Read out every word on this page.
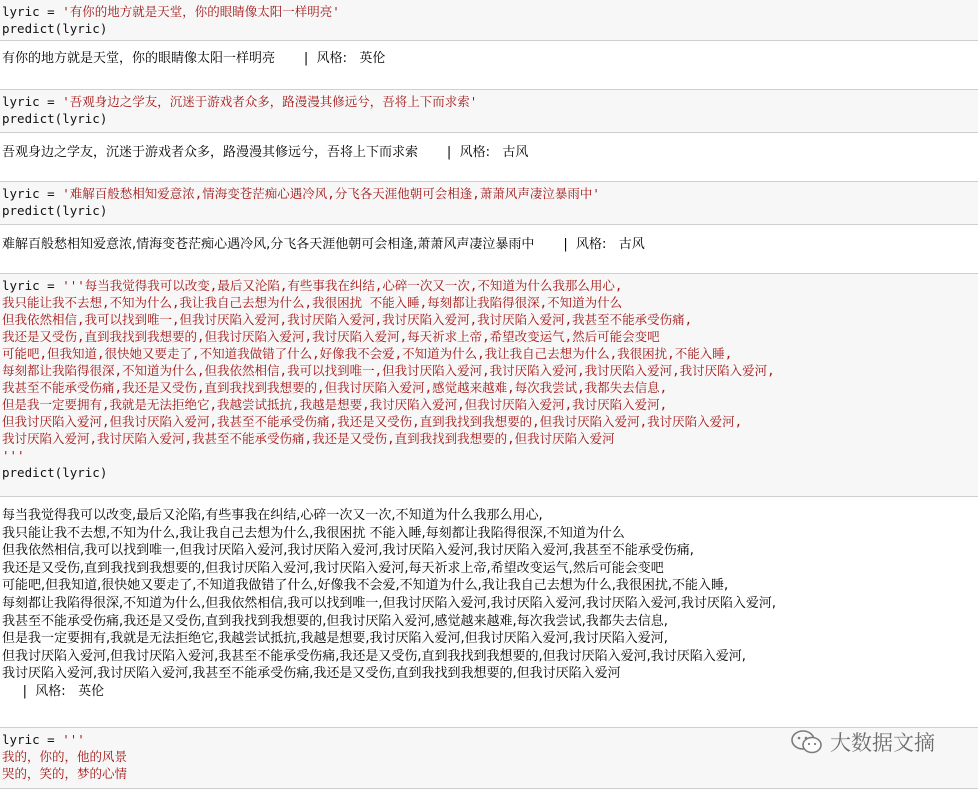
lyric = '有你的地方就是天堂，你的眼睛像太阳一样明亮'
predict(lyric)
有你的地方就是天堂，你的眼睛像太阳一样明亮       |  风格:   英伦
lyric = '吾观身边之学友，沉迷于游戏者众多，路漫漫其修远兮，吾将上下而求索'
predict(lyric)
吾观身边之学友，沉迷于游戏者众多，路漫漫其修远兮，吾将上下而求索       |  风格:   古风
lyric = '难解百般愁相知爱意浓,情海变苍茫痴心遇冷风,分飞各天涯他朝可会相逢,萧萧风声凄泣暴雨中'
predict(lyric)
难解百般愁相知爱意浓,情海变苍茫痴心遇冷风,分飞各天涯他朝可会相逢,萧萧风声凄泣暴雨中       |  风格:   古风
lyric = '''每当我觉得我可以改变,最后又沦陷,有些事我在纠结,心碎一次又一次,不知道为什么我那么用心,
我只能让我不去想,不知为什么,我让我自己去想为什么,我很困扰 不能入睡,每刻都让我陷得很深,不知道为什么
但我依然相信,我可以找到唯一,但我讨厌陷入爱河,我讨厌陷入爱河,我讨厌陷入爱河,我讨厌陷入爱河,我甚至不能承受伤痛,
我还是又受伤,直到我找到我想要的,但我讨厌陷入爱河,我讨厌陷入爱河,每天祈求上帝,希望改变运气,然后可能会变吧
可能吧,但我知道,很快她又要走了,不知道我做错了什么,好像我不会爱,不知道为什么,我让我自己去想为什么,我很困扰,不能入睡,
每刻都让我陷得很深,不知道为什么,但我依然相信,我可以找到唯一,但我讨厌陷入爱河,我讨厌陷入爱河,我讨厌陷入爱河,我讨厌陷入爱河,
我甚至不能承受伤痛,我还是又受伤,直到我找到我想要的,但我讨厌陷入爱河,感觉越来越难,每次我尝试,我都失去信息,
但是我一定要拥有,我就是无法拒绝它,我越尝试抵抗,我越是想要,我讨厌陷入爱河,但我讨厌陷入爱河,我讨厌陷入爱河,
但我讨厌陷入爱河,但我讨厌陷入爱河,我甚至不能承受伤痛,我还是又受伤,直到我找到我想要的,但我讨厌陷入爱河,我讨厌陷入爱河,
我讨厌陷入爱河,我讨厌陷入爱河,我甚至不能承受伤痛,我还是又受伤,直到我找到我想要的,但我讨厌陷入爱河
'''
predict(lyric)
每当我觉得我可以改变,最后又沦陷,有些事我在纠结,心碎一次又一次,不知道为什么我那么用心,
我只能让我不去想,不知为什么,我让我自己去想为什么,我很困扰 不能入睡,每刻都让我陷得很深,不知道为什么
但我依然相信,我可以找到唯一,但我讨厌陷入爱河,我讨厌陷入爱河,我讨厌陷入爱河,我讨厌陷入爱河,我甚至不能承受伤痛,
我还是又受伤,直到我找到我想要的,但我讨厌陷入爱河,我讨厌陷入爱河,每天祈求上帝,希望改变运气,然后可能会变吧
可能吧,但我知道,很快她又要走了,不知道我做错了什么,好像我不会爱,不知道为什么,我让我自己去想为什么,我很困扰,不能入睡,
每刻都让我陷得很深,不知道为什么,但我依然相信,我可以找到唯一,但我讨厌陷入爱河,我讨厌陷入爱河,我讨厌陷入爱河,我讨厌陷入爱河,
我甚至不能承受伤痛,我还是又受伤,直到我找到我想要的,但我讨厌陷入爱河,感觉越来越难,每次我尝试,我都失去信息,
但是我一定要拥有,我就是无法拒绝它,我越尝试抵抗,我越是想要,我讨厌陷入爱河,但我讨厌陷入爱河,我讨厌陷入爱河,
但我讨厌陷入爱河,但我讨厌陷入爱河,我甚至不能承受伤痛,我还是又受伤,直到我找到我想要的,但我讨厌陷入爱河,我讨厌陷入爱河,
我讨厌陷入爱河,我讨厌陷入爱河,我甚至不能承受伤痛,我还是又受伤,直到我找到我想要的,但我讨厌陷入爱河
|  风格:   英伦
lyric = '''
我的，你的，他的风景
哭的，笑的，梦的心情
大数据文摘
